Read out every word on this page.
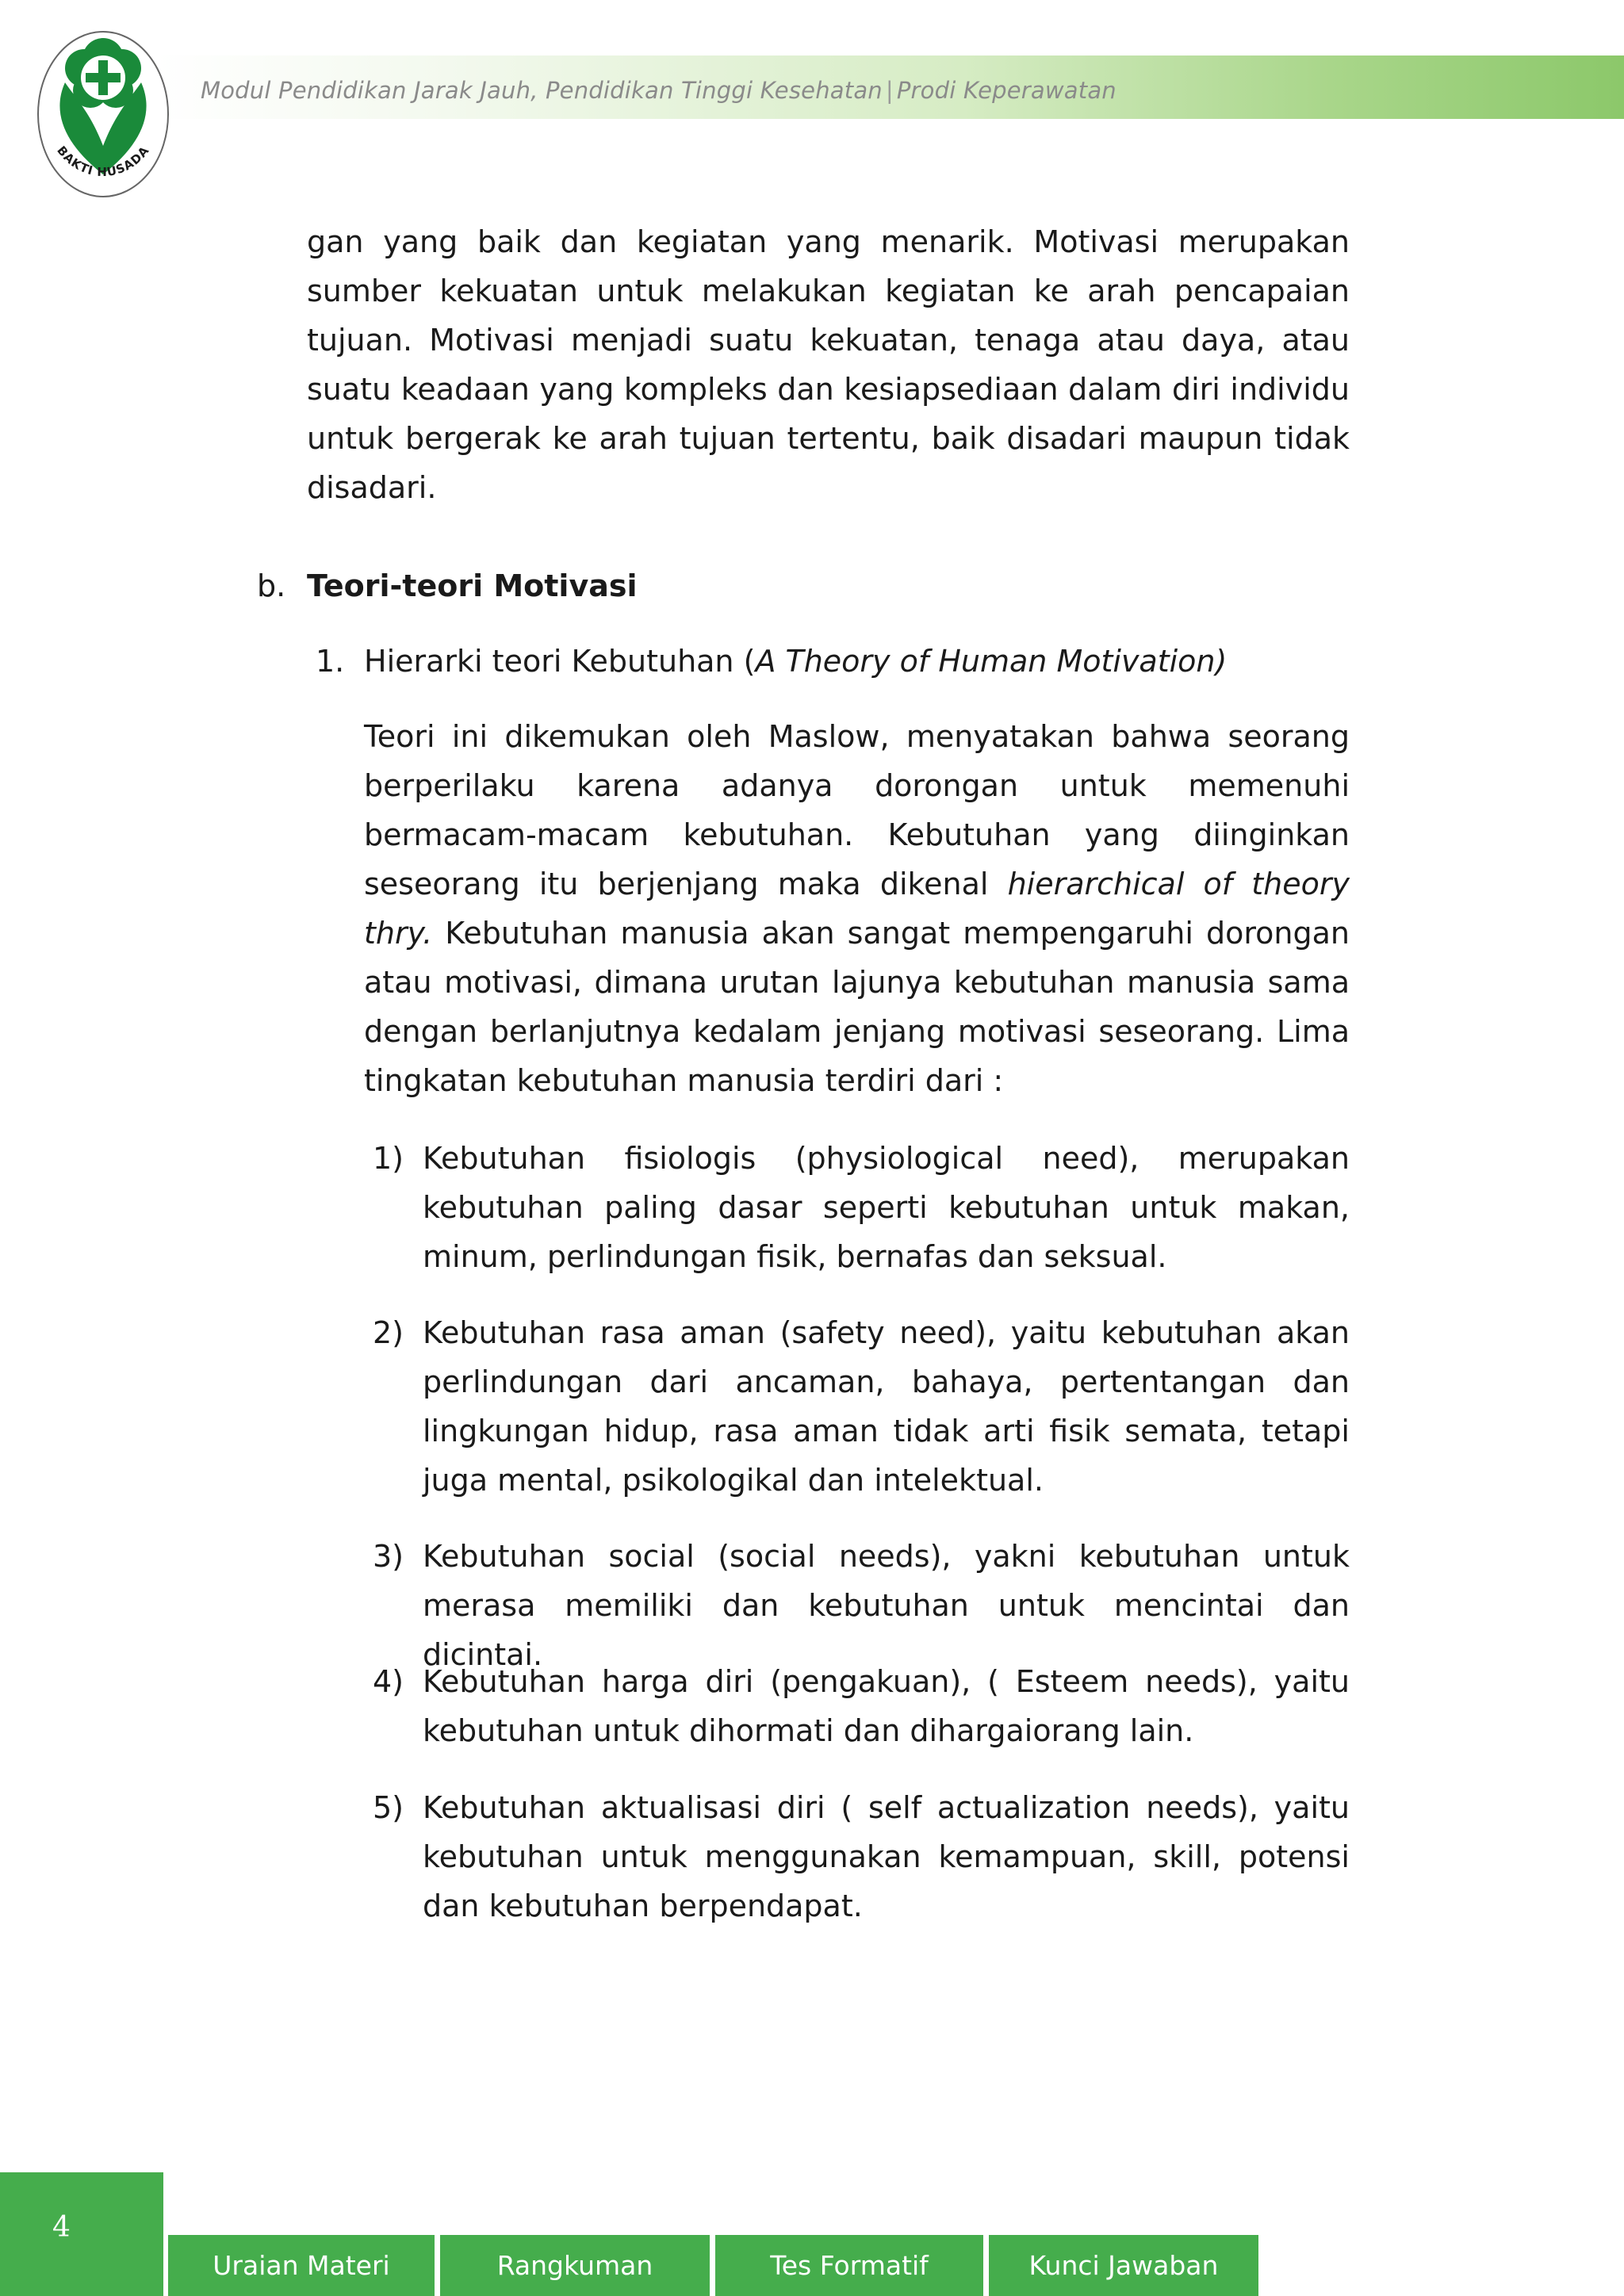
Modul Pendidikan Jarak Jauh, Pendidikan Tinggi Kesehatan | Prodi Keperawatan
BAKTI HUSADA

gan yang baik dan kegiatan yang menarik. Motivasi merupakan sumber kekuatan untuk melakukan kegiatan ke arah pencapaian tujuan. Motivasi menjadi suatu kekuatan, tenaga atau daya, atau suatu keadaan yang kompleks dan kesiapsediaan dalam diri individu untuk bergerak ke arah tujuan tertentu, baik disadari maupun tidak disadari.

b. Teori-teori Motivasi
1. Hierarki teori Kebutuhan (A Theory of Human Motivation)

Teori ini dikemukan oleh Maslow, menyatakan bahwa seorang berperilaku karena adanya dorongan untuk memenuhi bermacam-macam kebutuhan. Kebutuhan yang diinginkan seseorang itu berjenjang maka dikenal hierarchical of theory thry. Kebutuhan manusia akan sangat mempengaruhi dorongan atau motivasi, dimana urutan lajunya kebutuhan manusia sama dengan berlanjutnya kedalam jenjang motivasi seseorang. Lima tingkatan kebutuhan manusia terdiri dari :

1) Kebutuhan fisiologis (physiological need), merupakan kebutuhan paling dasar seperti kebutuhan untuk makan, minum, perlindungan fisik, bernafas dan seksual.

2) Kebutuhan rasa aman (safety need), yaitu kebutuhan akan perlindungan dari ancaman, bahaya, pertentangan dan lingkungan hidup, rasa aman tidak arti fisik semata, tetapi juga mental, psikologikal dan intelektual.

3) Kebutuhan social (social needs), yakni kebutuhan untuk merasa memiliki dan kebutuhan untuk mencintai dan dicintai.

4) Kebutuhan harga diri (pengakuan), ( Esteem needs), yaitu kebutuhan untuk dihormati dan dihargaiorang lain.

5) Kebutuhan aktualisasi diri ( self actualization needs), yaitu kebutuhan untuk menggunakan kemampuan, skill, potensi dan kebutuhan berpendapat.

4
Uraian Materi	Rangkuman	Tes Formatif	Kunci Jawaban
